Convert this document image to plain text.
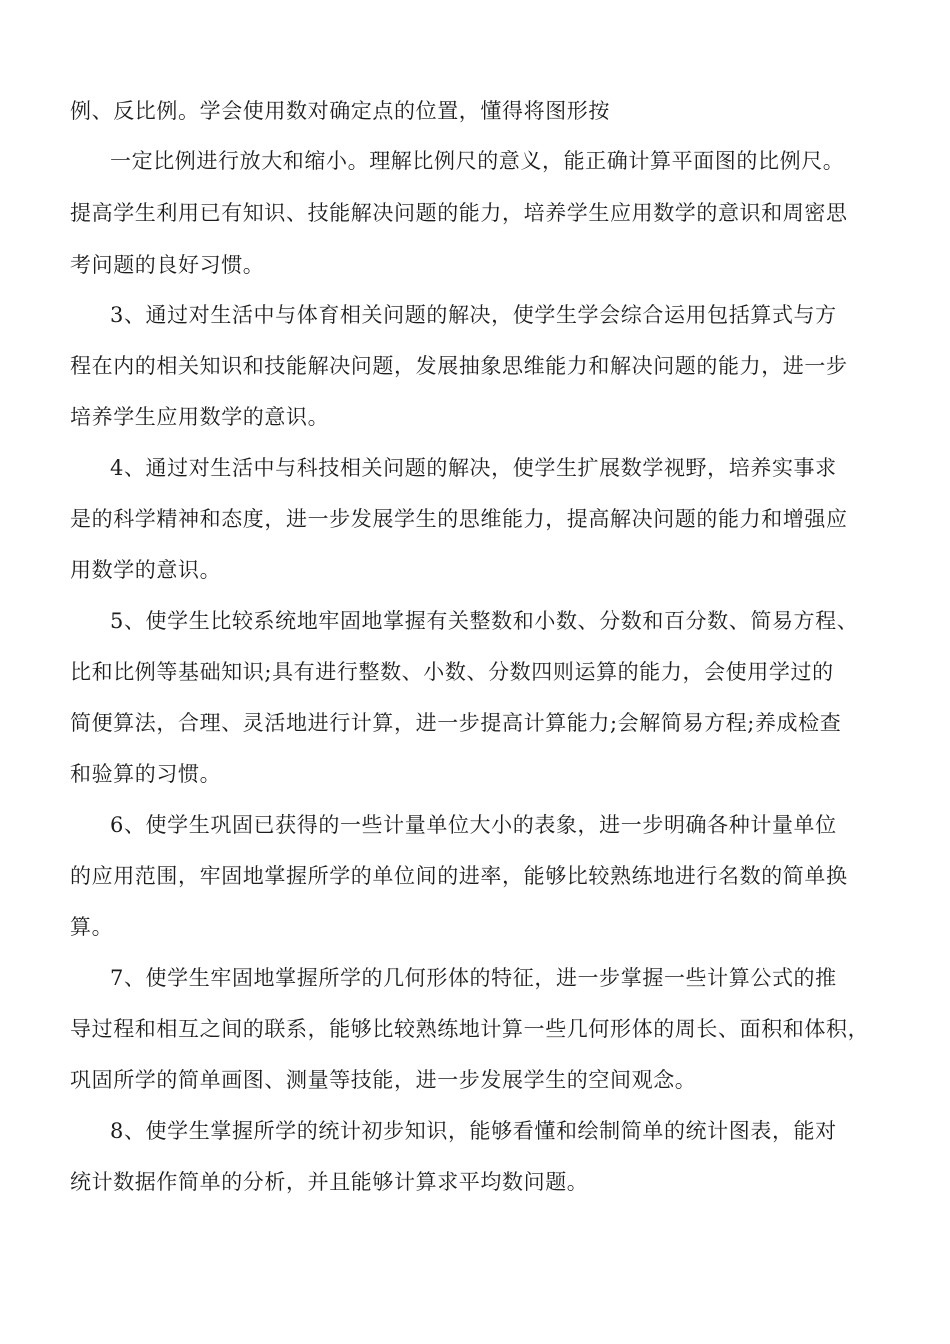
例、反比例。学会使用数对确定点的位置，懂得将图形按
一定比例进行放大和缩小。理解比例尺的意义，能正确计算平面图的比例尺。
提高学生利用已有知识、技能解决问题的能力，培养学生应用数学的意识和周密思
考问题的良好习惯。
3、通过对生活中与体育相关问题的解决，使学生学会综合运用包括算式与方
程在内的相关知识和技能解决问题，发展抽象思维能力和解决问题的能力，进一步
培养学生应用数学的意识。
4、通过对生活中与科技相关问题的解决，使学生扩展数学视野，培养实事求
是的科学精神和态度，进一步发展学生的思维能力，提高解决问题的能力和增强应
用数学的意识。
5、使学生比较系统地牢固地掌握有关整数和小数、分数和百分数、简易方程、
比和比例等基础知识;具有进行整数、小数、分数四则运算的能力，会使用学过的
简便算法，合理、灵活地进行计算，进一步提高计算能力;会解简易方程;养成检查
和验算的习惯。
6、使学生巩固已获得的一些计量单位大小的表象，进一步明确各种计量单位
的应用范围，牢固地掌握所学的单位间的进率，能够比较熟练地进行名数的简单换
算。
7、使学生牢固地掌握所学的几何形体的特征，进一步掌握一些计算公式的推
导过程和相互之间的联系，能够比较熟练地计算一些几何形体的周长、面积和体积，
巩固所学的简单画图、测量等技能，进一步发展学生的空间观念。
8、使学生掌握所学的统计初步知识，能够看懂和绘制简单的统计图表，能对
统计数据作简单的分析，并且能够计算求平均数问题。
